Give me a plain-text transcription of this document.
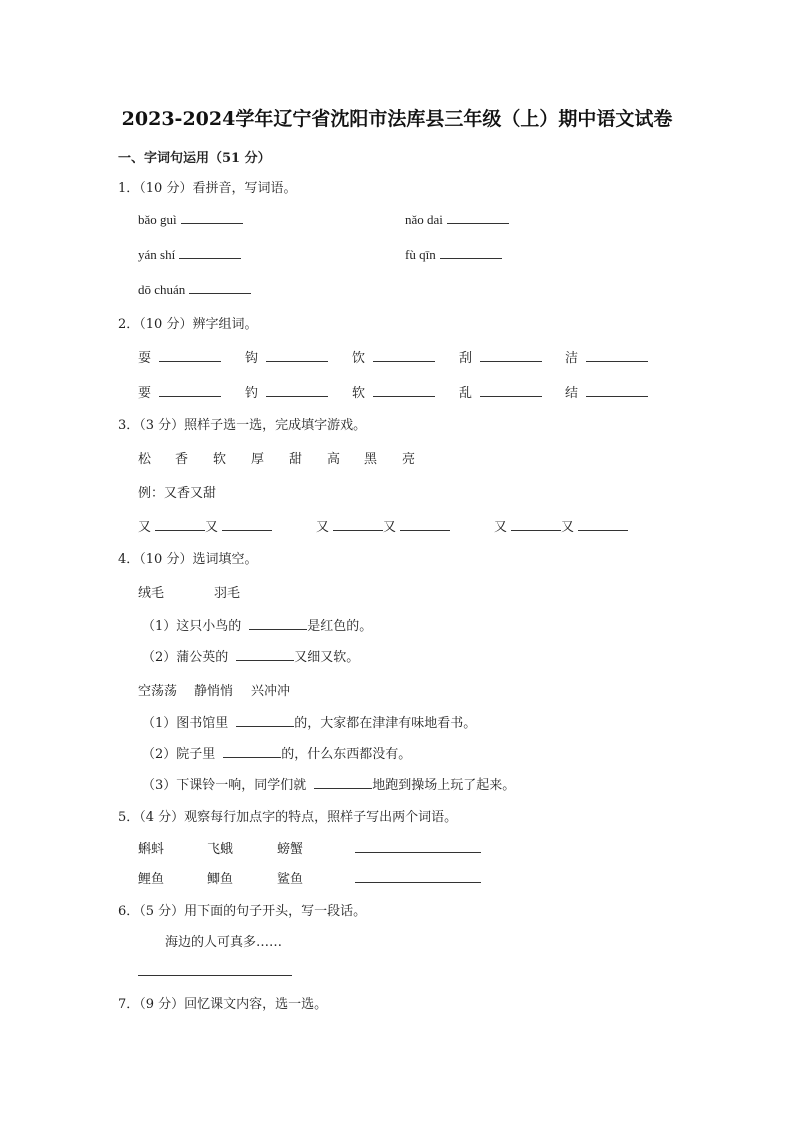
2023-2024学年辽宁省沈阳市法库县三年级（上）期中语文试卷
一、字词句运用（51 分）
1．（10 分）看拼音，写词语。
bǎo guì	nǎo dai
yán shí	fù qīn
dō chuán
2．（10 分）辨字组词。
耍	钩	饮	刮	洁
要	钓	软	乱	结
3．（3 分）照样子选一选，完成填字游戏。
松 香 软 厚 甜 高 黑 亮
例：又香又甜
又	又	又	又	又	又
4．（10 分）选词填空。
绒毛	羽毛
（1）这只小鸟的	是红色的。
（2）蒲公英的	又细又软。
空荡荡 静悄悄 兴冲冲
（1）图书馆里	的，大家都在津津有味地看书。
（2）院子里	的，什么东西都没有。
（3）下课铃一响，同学们就	地跑到操场上玩了起来。
5．（4 分）观察每行加点字的特点，照样子写出两个词语。
蝌蚪	飞蛾	螃蟹
鲤鱼	鲫鱼	鲨鱼
6．（5 分）用下面的句子开头，写一段话。
海边的人可真多……
7．（9 分）回忆课文内容，选一选。
